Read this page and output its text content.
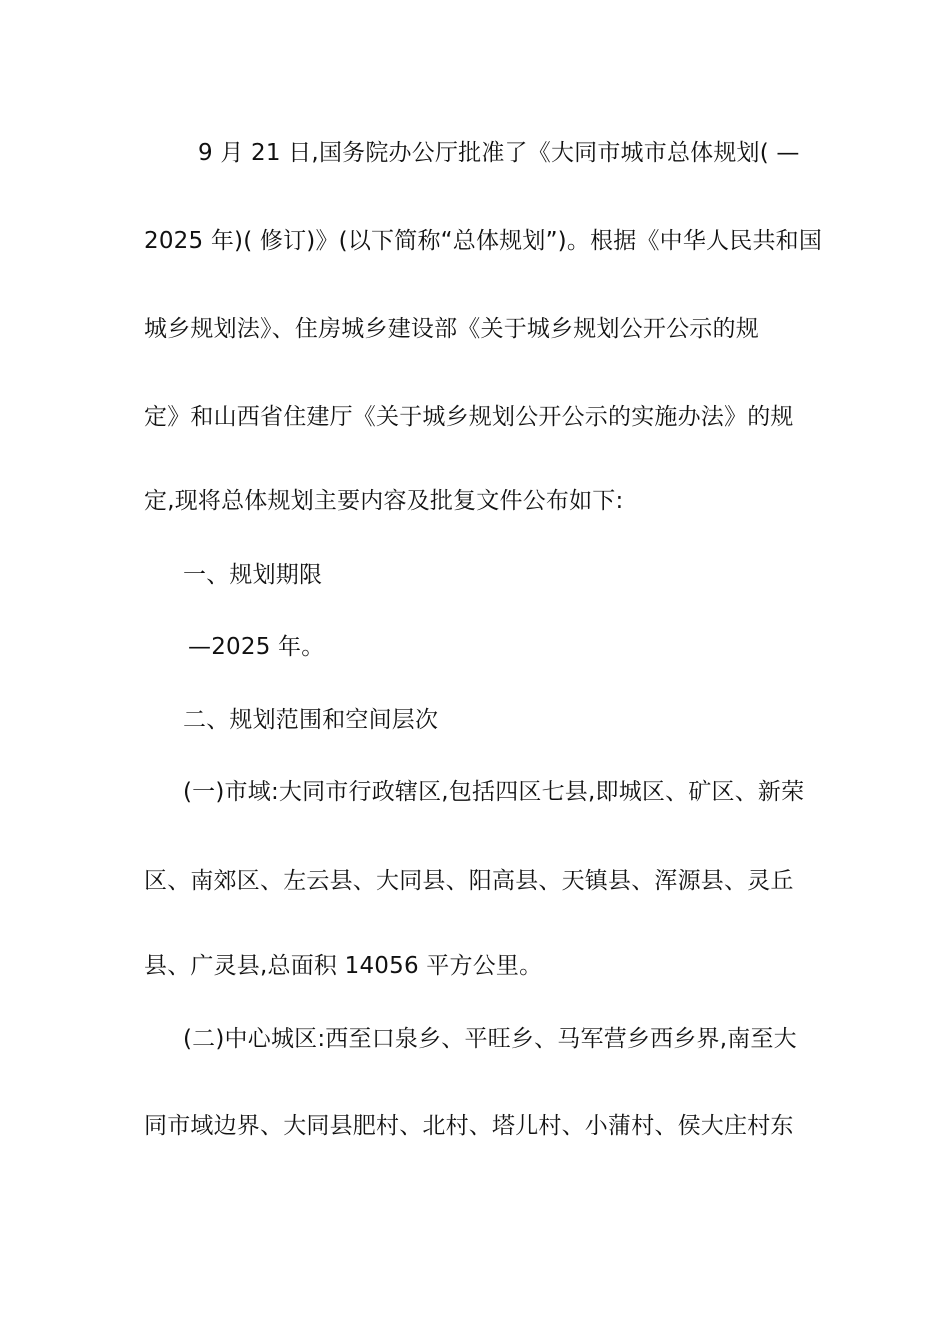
9 月 21 日,国务院办公厅批准了《大同市城市总体规划( —
2025 年)( 修订)》(以下简称“总体规划”)。根据《中华人民共和国
城乡规划法》、住房城乡建设部《关于城乡规划公开公示的规
定》和山西省住建厅《关于城乡规划公开公示的实施办法》的规
定,现将总体规划主要内容及批复文件公布如下:
一、规划期限
—2025 年。
二、规划范围和空间层次
(一)市域:大同市行政辖区,包括四区七县,即城区、矿区、新荣
区、南郊区、左云县、大同县、阳高县、天镇县、浑源县、灵丘
县、广灵县,总面积 14056 平方公里。
(二)中心城区:西至口泉乡、平旺乡、马军营乡西乡界,南至大
同市域边界、大同县肥村、北村、塔儿村、小蒲村、侯大庄村东
